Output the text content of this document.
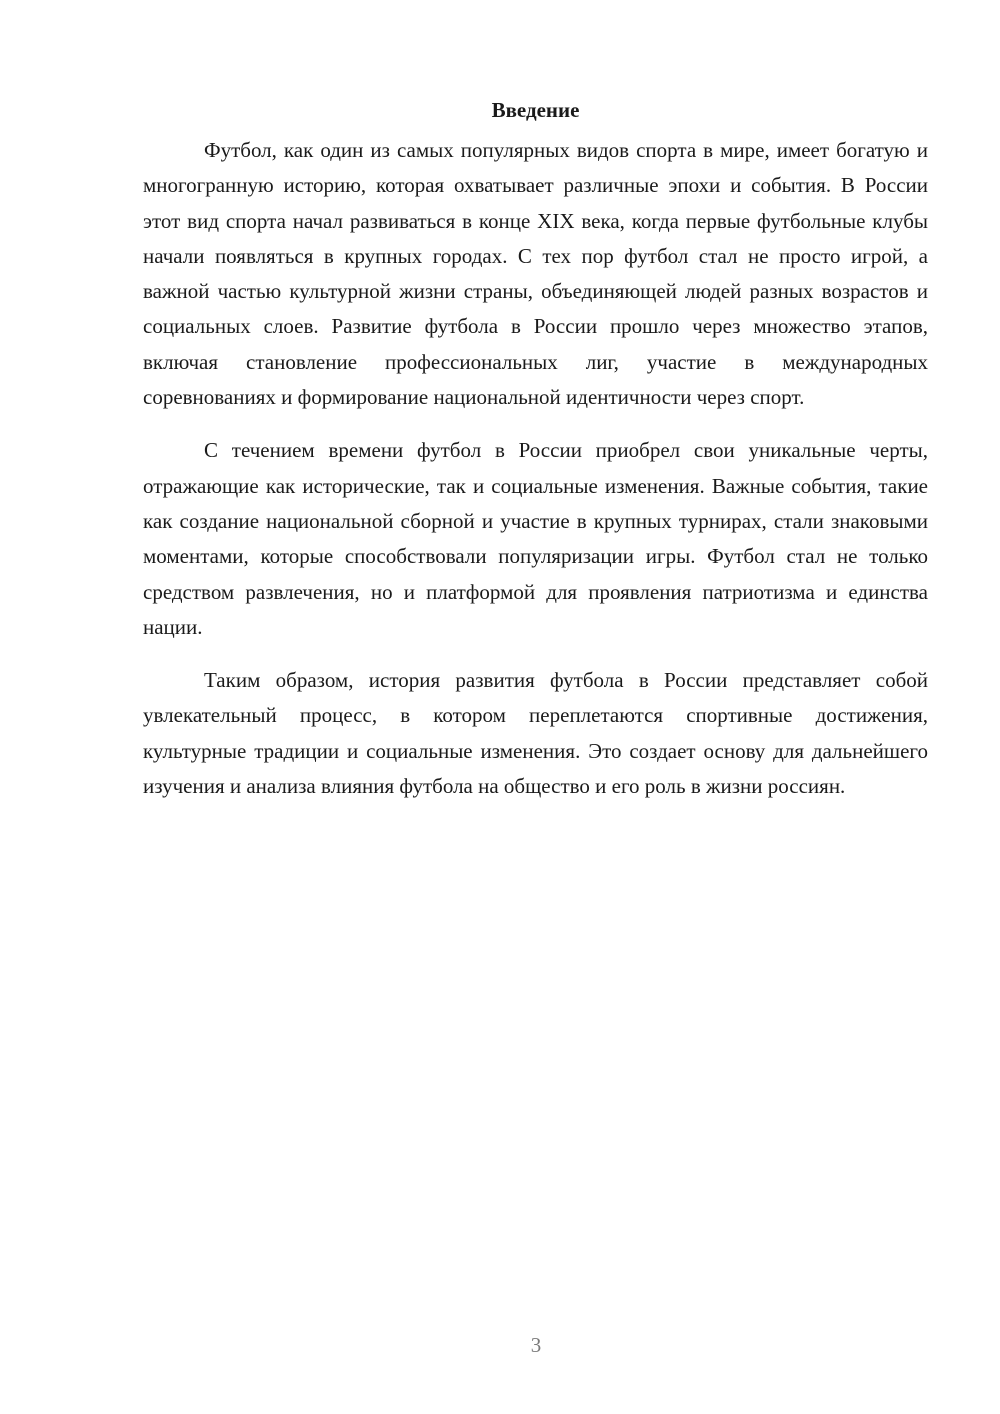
Введение

Футбол, как один из самых популярных видов спорта в мире, имеет богатую и многогранную историю, которая охватывает различные эпохи и события. В России этот вид спорта начал развиваться в конце XIX века, когда первые футбольные клубы начали появляться в крупных городах. С тех пор футбол стал не просто игрой, а важной частью культурной жизни страны, объединяющей людей разных возрастов и социальных слоев. Развитие футбола в России прошло через множество этапов, включая становление профессиональных лиг, участие в международных соревнованиях и формирование национальной идентичности через спорт.

С течением времени футбол в России приобрел свои уникальные черты, отражающие как исторические, так и социальные изменения. Важные события, такие как создание национальной сборной и участие в крупных турнирах, стали знаковыми моментами, которые способствовали популяризации игры. Футбол стал не только средством развлечения, но и платформой для проявления патриотизма и единства нации.

Таким образом, история развития футбола в России представляет собой увлекательный процесс, в котором переплетаются спортивные достижения, культурные традиции и социальные изменения. Это создает основу для дальнейшего изучения и анализа влияния футбола на общество и его роль в жизни россиян.

3
